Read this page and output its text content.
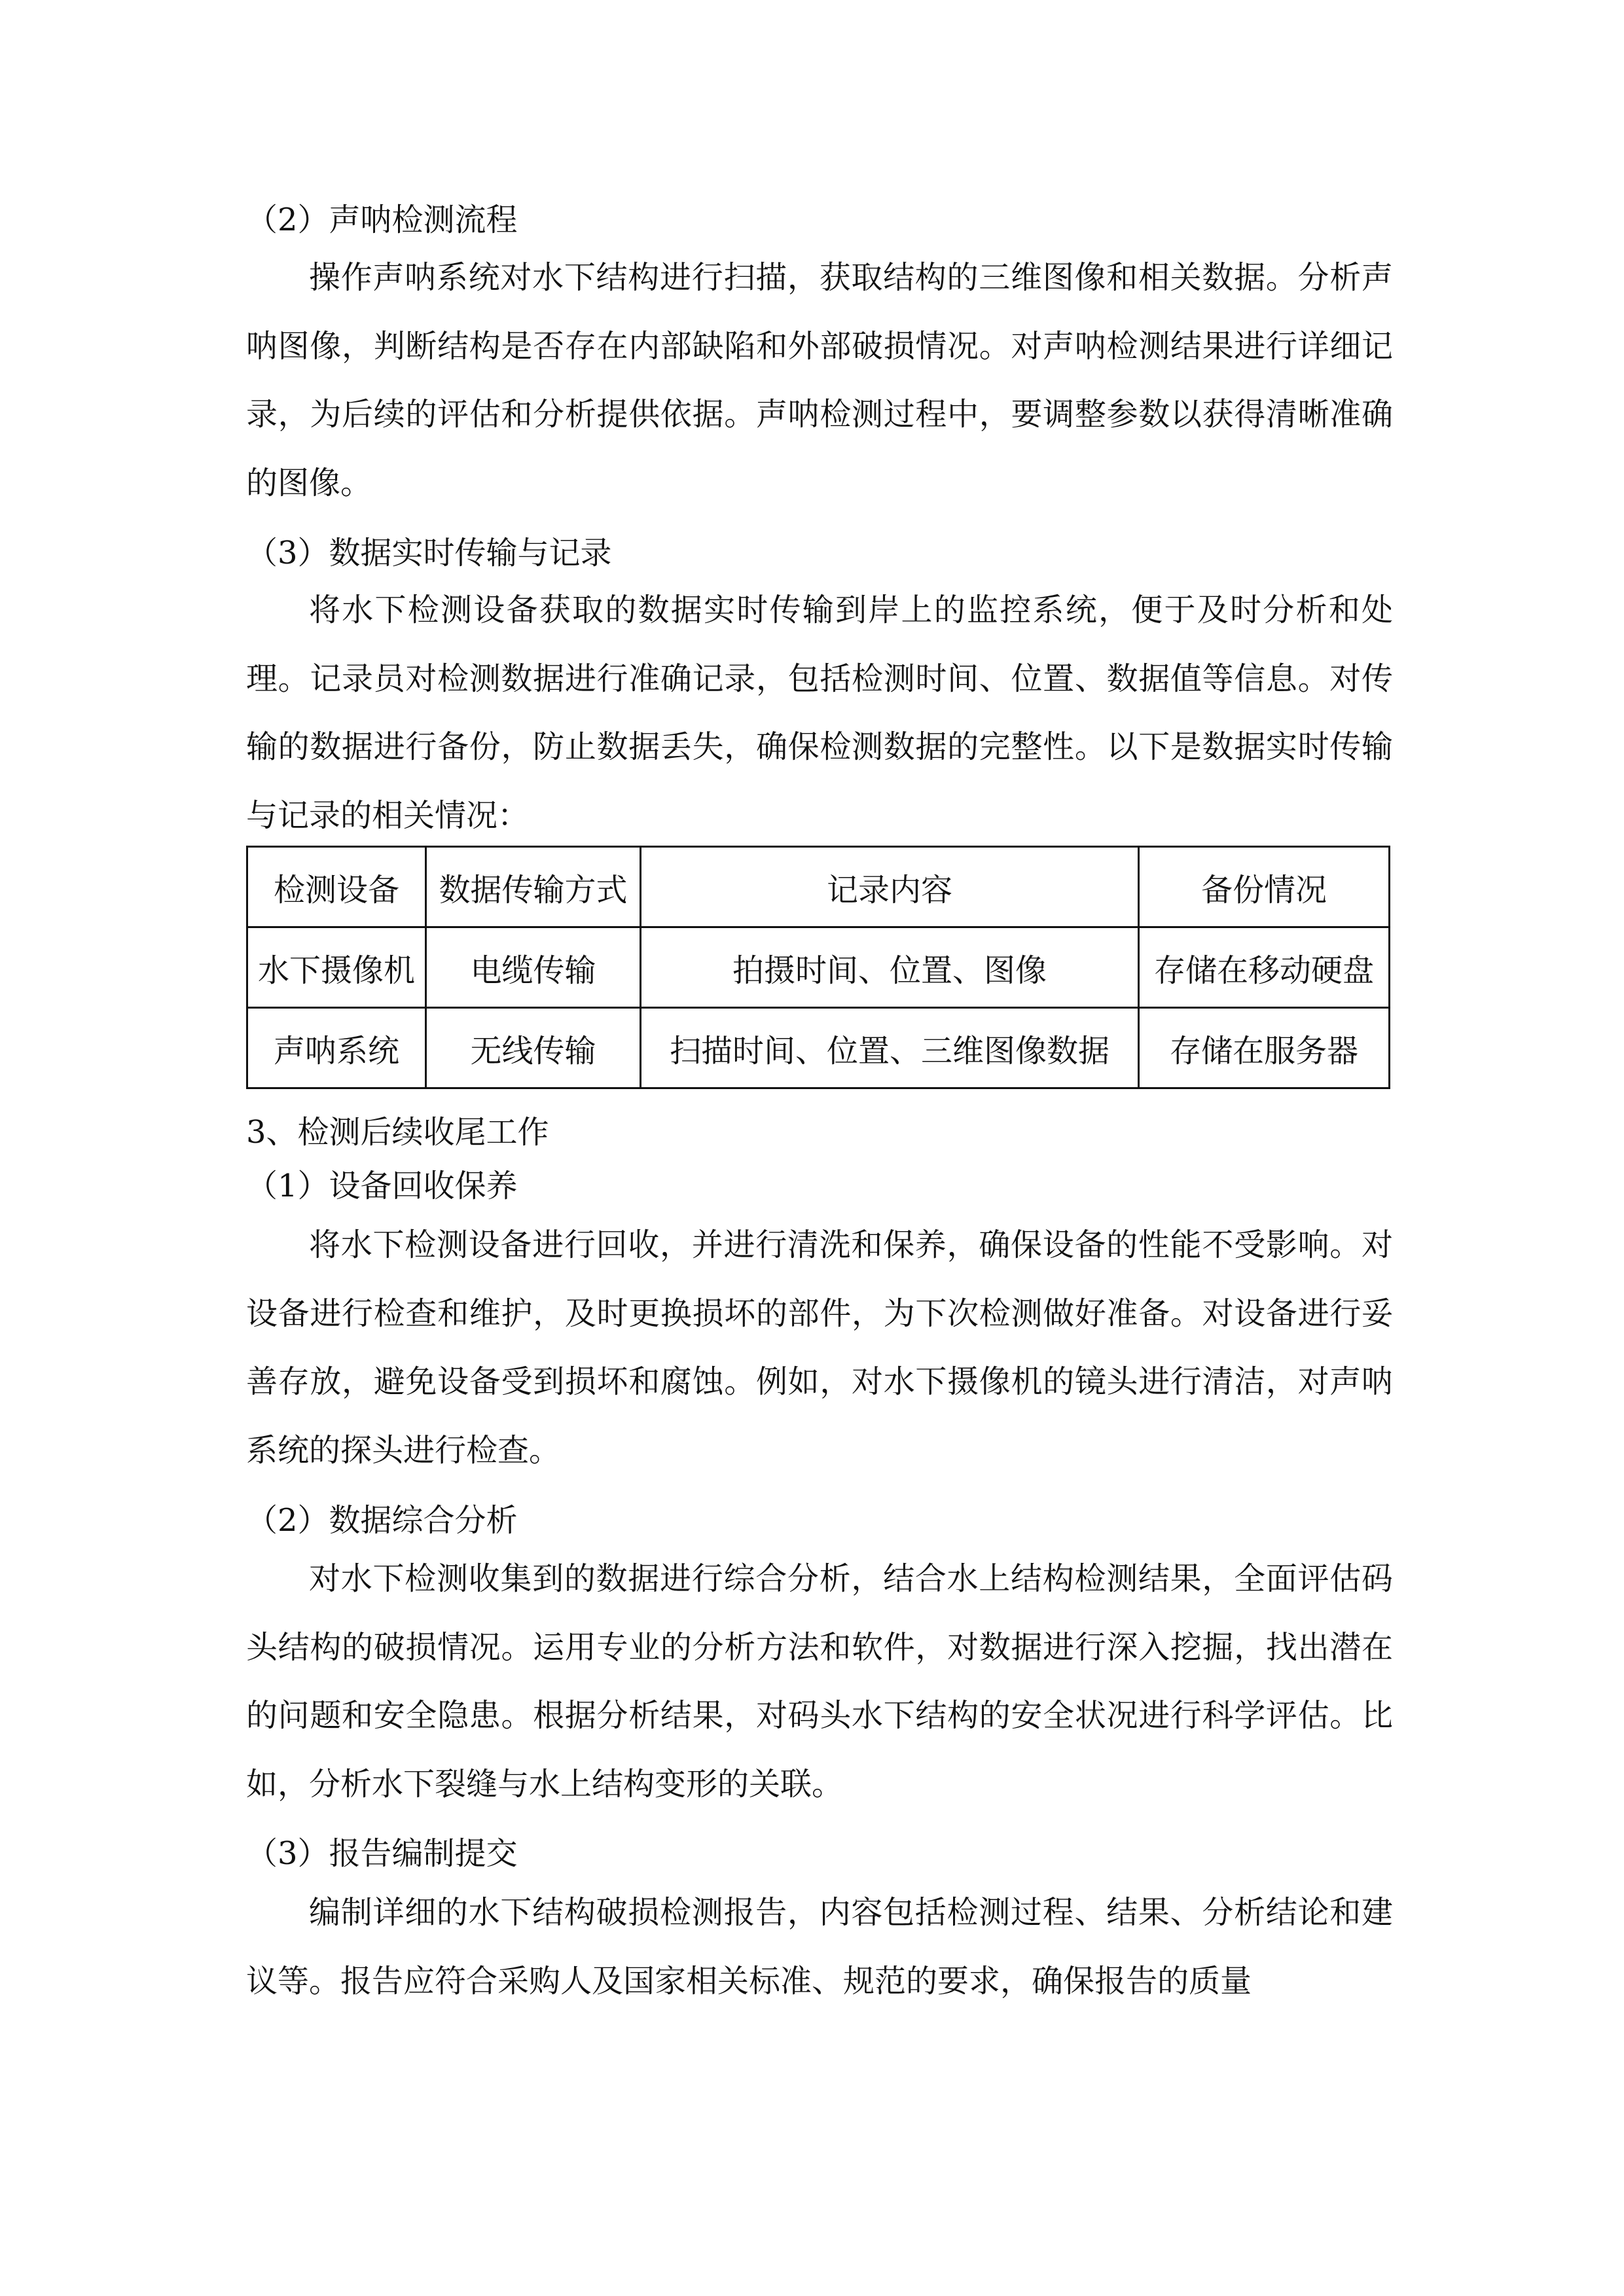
（2）声呐检测流程

操作声呐系统对水下结构进行扫描，获取结构的三维图像和相关数据。分析声呐图像，判断结构是否存在内部缺陷和外部破损情况。对声呐检测结果进行详细记录，为后续的评估和分析提供依据。声呐检测过程中，要调整参数以获得清晰准确的图像。

（3）数据实时传输与记录

将水下检测设备获取的数据实时传输到岸上的监控系统，便于及时分析和处理。记录员对检测数据进行准确记录，包括检测时间、位置、数据值等信息。对传输的数据进行备份，防止数据丢失，确保检测数据的完整性。以下是数据实时传输与记录的相关情况：

检测设备	数据传输方式	记录内容	备份情况
水下摄像机	电缆传输	拍摄时间、位置、图像	存储在移动硬盘
声呐系统	无线传输	扫描时间、位置、三维图像数据	存储在服务器

3、检测后续收尾工作

（1）设备回收保养

将水下检测设备进行回收，并进行清洗和保养，确保设备的性能不受影响。对设备进行检查和维护，及时更换损坏的部件，为下次检测做好准备。对设备进行妥善存放，避免设备受到损坏和腐蚀。例如，对水下摄像机的镜头进行清洁，对声呐系统的探头进行检查。

（2）数据综合分析

对水下检测收集到的数据进行综合分析，结合水上结构检测结果，全面评估码头结构的破损情况。运用专业的分析方法和软件，对数据进行深入挖掘，找出潜在的问题和安全隐患。根据分析结果，对码头水下结构的安全状况进行科学评估。比如，分析水下裂缝与水上结构变形的关联。

（3）报告编制提交

编制详细的水下结构破损检测报告，内容包括检测过程、结果、分析结论和建议等。报告应符合采购人及国家相关标准、规范的要求，确保报告的质量
